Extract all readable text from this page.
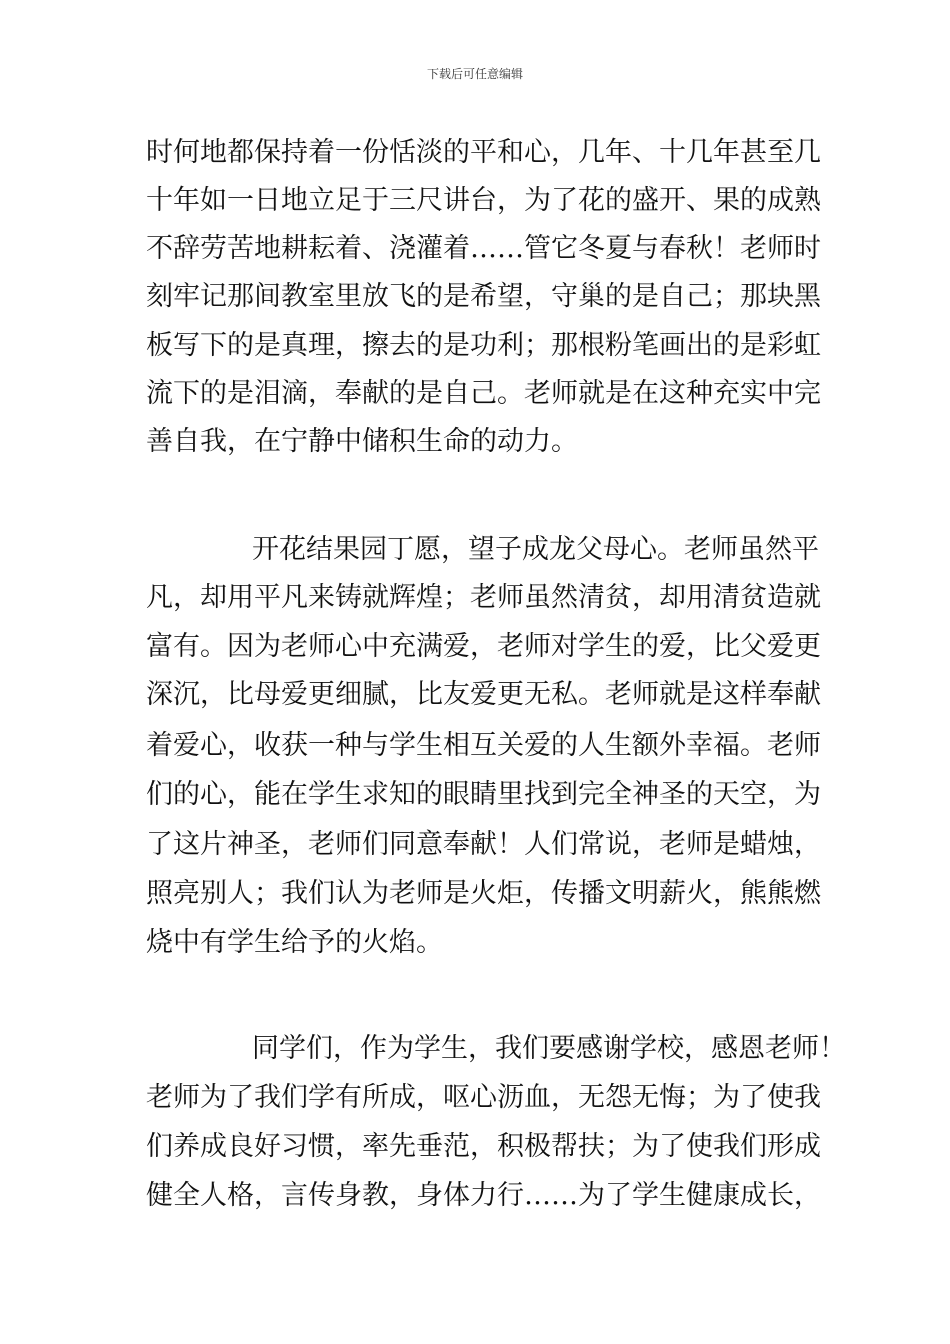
下载后可任意编辑
时何地都保持着一份恬淡的平和心，几年、十几年甚至几
十年如一日地立足于三尺讲台，为了花的盛开、果的成熟
不辞劳苦地耕耘着、浇灌着……管它冬夏与春秋！老师时
刻牢记那间教室里放飞的是希望，守巢的是自己；那块黑
板写下的是真理，擦去的是功利；那根粉笔画出的是彩虹
流下的是泪滴，奉献的是自己。老师就是在这种充实中完
善自我，在宁静中储积生命的动力。
开花结果园丁愿，望子成龙父母心。老师虽然平
凡，却用平凡来铸就辉煌；老师虽然清贫，却用清贫造就
富有。因为老师心中充满爱，老师对学生的爱，比父爱更
深沉，比母爱更细腻，比友爱更无私。老师就是这样奉献
着爱心，收获一种与学生相互关爱的人生额外幸福。老师
们的心，能在学生求知的眼睛里找到完全神圣的天空，为
了这片神圣，老师们同意奉献！人们常说，老师是蜡烛，
照亮别人；我们认为老师是火炬，传播文明薪火，熊熊燃
烧中有学生给予的火焰。
同学们，作为学生，我们要感谢学校，感恩老师！
老师为了我们学有所成，呕心沥血，无怨无悔；为了使我
们养成良好习惯，率先垂范，积极帮扶；为了使我们形成
健全人格，言传身教，身体力行……为了学生健康成长，
